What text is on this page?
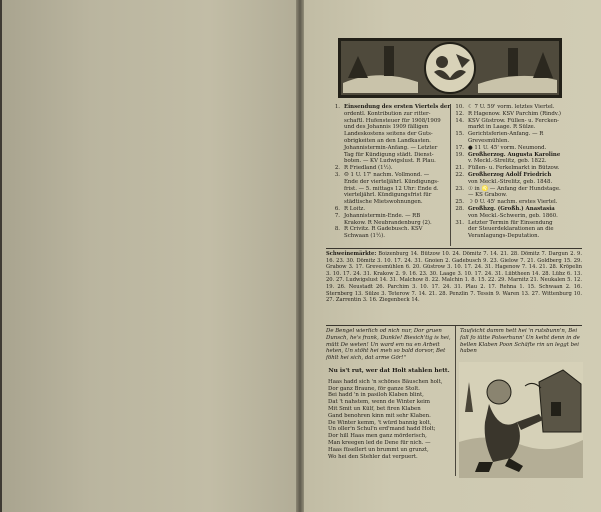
1. Einsendung des ersten Viertels der
ordentl. Kontribution zur ritter-
schaftl. Hufensteuer für 1908/1909
und des Johannis 1909 fälligen
Landeskostens seitens der Guts-
obrigkeiten an den Landkasten.
Johannistermin-Anfang. — Letzter
Tag für Kündigung städt. Dienst-
boten. — KV Ludwigslust. R Plau.
2. R Friedland (1½).
3. ☺ 1 U. 17' nachm. Vollmond. —
Ende der vierteljährl. Kündigungs-
frist. — 5. mittags 12 Uhr: Ende d.
vierteljährl. Kündigungsfrist für
städtische Mietswohnungen.
6. R Loitz.
7. Johannistermin-Ende. — RB
Krakow. R Neubrandenburg (2).
8. R Crivitz. R Gadebusch. KSV
Schwaan (1½).
10. ☾ 7 U. 59' vorm. letztes Viertel.
12. R Hagenow. KSV Parchim (Rindv.)
14. KSV Güstrow. Füllen- u. Fercken-
markt in Laage. R Sülze.
15. Gerichtsferien-Anfang. — R
Grevesmühlen.
17. ● 11 U. 45' vorm. Neumond.
19. Großherzog. Augusta Karoline
v. Meckl.-Strelitz, geb. 1822.
21. Füllen- u. Ferkelmarkt in Bützow.
22. Großherzog Adolf Friedrich
von Meckl.-Strelitz, geb. 1848.
23. ☉ in ♌ — Anfang der Hundstage.
— KS Grabow.
25. ☽ 0 U. 45' nachm. erstes Viertel.
28. Großhzg. (Großh.) Anastasia
von Meckl.-Schwerin, geb. 1860.
31. Letzter Termin für Einsendung
der Steuerdeklarationen an die
Veranlagungs-Deputation.
Schweinemärkte: Boizenburg 14. Bützow 10. 24. Dömitz 7. 14. 21. 28. Dömitz 7. Dargun 2. 9. 16. 23. 30. Dömitz 3. 10. 17. 24. 31. Gnoien 2. Gadebusch 9. 23. Gielow 7. 21. Goldberg 15. 29. Grabow 3. 17. Grevesmühlen 6. 20. Güstrow 3. 10. 17. 24. 31. Hagenow 7. 14. 21. 28. Kröpelin 3. 10. 17. 24. 31. Krakow 2. 9. 16. 23. 30. Laage 3. 10. 17. 24. 31. Lübtheen 14. 28. Lübz 6. 13. 20. 27. Ludwigslust 14. 31. Malchow 8. 22. Malchin 1. 8. 15. 22. 29. Marnitz 21. Neukalen 5. 12. 19. 26. Neustadt 26. Parchim 3. 10. 17. 24. 31. Plau 2. 17. Rehna 1. 15. Schwaan 2. 16. Sternberg 13. Sülze 3. Teterow 7. 14. 21. 28. Penzlin 7. Tessin 9. Waren 13. 27. Wittenburg 10. 27. Zarrentin 3. 16. Ziegenbeck 14.
De Bengel wierlich od nich nur, Dor gruen Dunsch, he's frank, Dunkle! Biesich'tig is hei, mütt De weten! Un ward em nu en Arbeit heten, Un stöht hei meh so bald dorvor, Bet föhlt hei sich, dat arme Gör!"
Nu is't rut, wer dat Holt stahlen hett.
Haas hadd sich 'n schönes Bäuschen holt,
Dor ganz Braune, för ganze Stolt.
Bei hadd 'n in pasiloh Klaben blint,
Dat 't nahstem, wenn de Winter keim
Mit Smit un Külf, bet firen Klaben
Gand benohren kinn mit sehr Klaben.
De Winter kemm, 't würd bannig kolt,
Un oller'n Schul'n erd'mand hadd Holt;
Dor hill Haas men ganz mörderisch,
Man kreegen led de Dene für nich. —
Haas füsellert un brummt un grunzt,
Wo hei den Stehler dat verpuert.
Taufsicht dumm hett hei 'n rutsbunn'n, Bei fall fo iütte Polserhunn' Un keiht denn in de bellen Klaben Poon Schäfte rin un leggt bei haben
